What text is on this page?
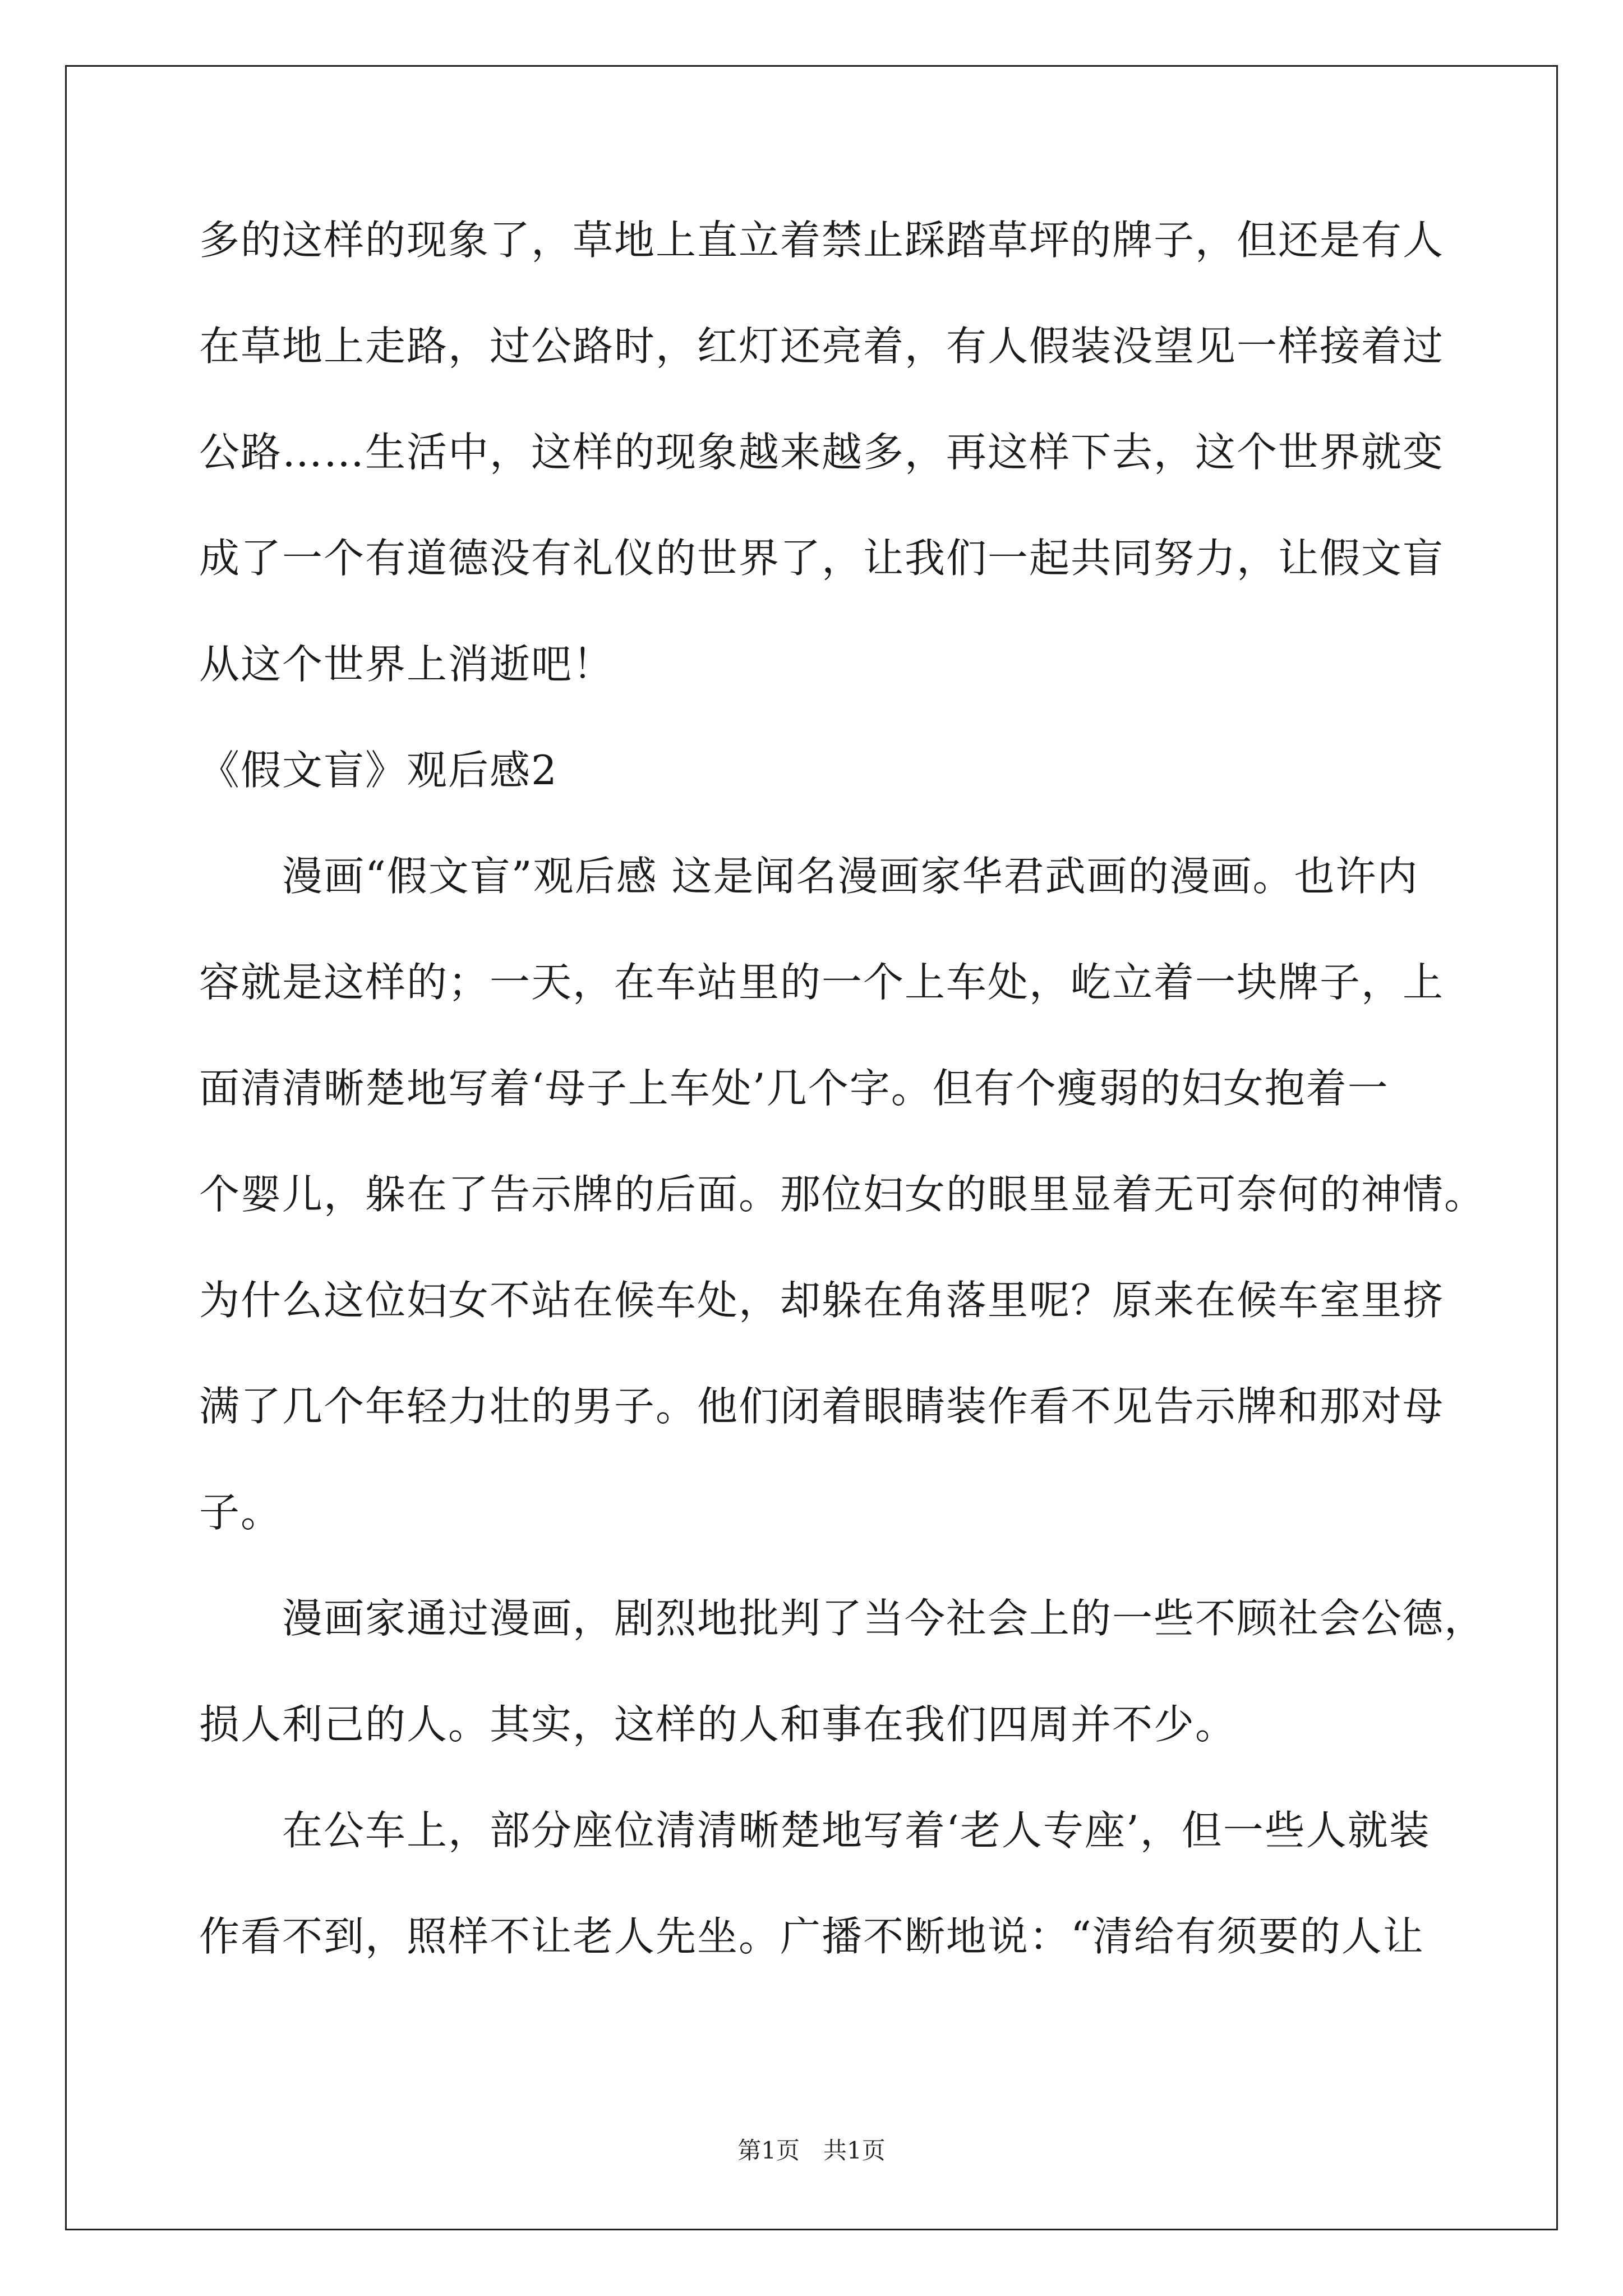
多的这样的现象了，草地上直立着禁止踩踏草坪的牌子，但还是有人
在草地上走路，过公路时，红灯还亮着，有人假装没望见一样接着过
公路……生活中，这样的现象越来越多，再这样下去，这个世界就变
成了一个有道德没有礼仪的世界了，让我们一起共同努力，让假文盲
从这个世界上消逝吧！
《假文盲》观后感2
漫画“假文盲”观后感 这是闻名漫画家华君武画的漫画。也许内
容就是这样的；一天，在车站里的一个上车处，屹立着一块牌子，上
面清清晰楚地写着‘母子上车处’几个字。但有个瘦弱的妇女抱着一
个婴儿，躲在了告示牌的后面。那位妇女的眼里显着无可奈何的神情。
为什么这位妇女不站在候车处，却躲在角落里呢？原来在候车室里挤
满了几个年轻力壮的男子。他们闭着眼睛装作看不见告示牌和那对母
子。
漫画家通过漫画，剧烈地批判了当今社会上的一些不顾社会公德，
损人利己的人。其实，这样的人和事在我们四周并不少。
在公车上，部分座位清清晰楚地写着‘老人专座’，但一些人就装
作看不到，照样不让老人先坐。广播不断地说：“清给有须要的人让
第1页　共1页
